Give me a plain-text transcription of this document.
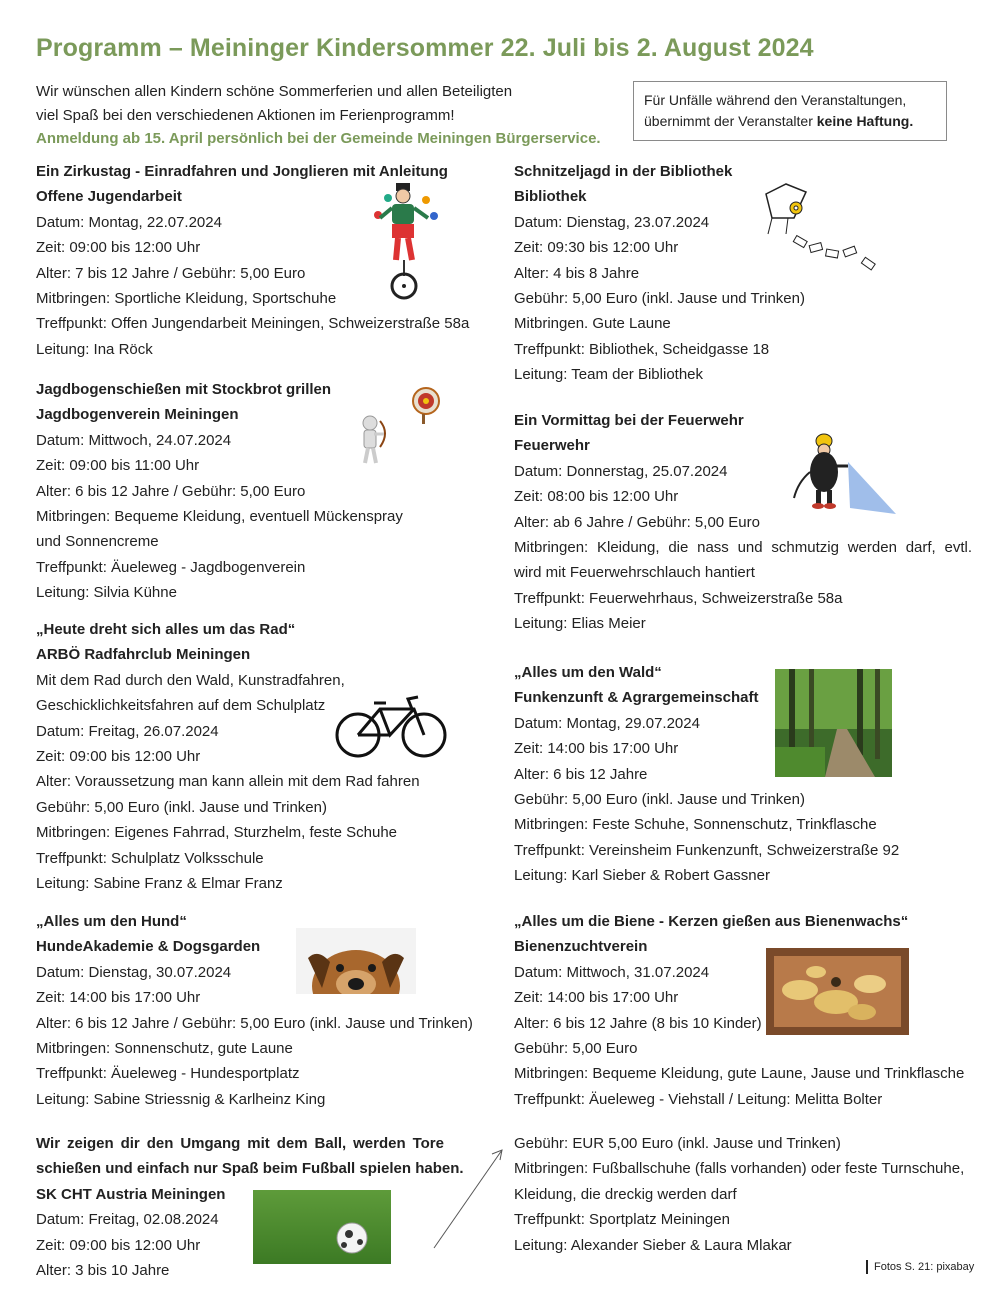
Programm – Meininger Kindersommer 22. Juli bis 2. August 2024
Wir wünschen allen Kindern schöne Sommerferien und allen Beteiligten
viel Spaß bei den verschiedenen Aktionen im Ferienprogramm!
Anmeldung ab 15. April persönlich bei der Gemeinde Meiningen Bürgerservice.
Für Unfälle während den Veranstaltungen,
übernimmt der Veranstalter keine Haftung.
Ein Zirkustag - Einradfahren und Jonglieren mit Anleitung
Offene Jugendarbeit
Datum: Montag, 22.07.2024
Zeit: 09:00 bis 12:00 Uhr
Alter: 7 bis 12 Jahre / Gebühr: 5,00 Euro
Mitbringen: Sportliche Kleidung, Sportschuhe
Treffpunkt: Offen Jungendarbeit Meiningen, Schweizerstraße 58a
Leitung: Ina Röck
Jagdbogenschießen mit Stockbrot grillen
Jagdbogenverein Meiningen
Datum: Mittwoch, 24.07.2024
Zeit: 09:00 bis 11:00 Uhr
Alter: 6 bis 12 Jahre / Gebühr: 5,00 Euro
Mitbringen: Bequeme Kleidung, eventuell Mückenspray
und Sonnencreme
Treffpunkt: Äueleweg - Jagdbogenverein
Leitung: Silvia Kühne
„Heute dreht sich alles um das Rad“
ARBÖ Radfahrclub Meiningen
Mit dem Rad durch den Wald, Kunstradfahren,
Geschicklichkeitsfahren auf dem Schulplatz
Datum: Freitag, 26.07.2024
Zeit: 09:00 bis 12:00 Uhr
Alter: Voraussetzung man kann allein mit dem Rad fahren
Gebühr: 5,00 Euro (inkl. Jause und Trinken)
Mitbringen: Eigenes Fahrrad, Sturzhelm, feste Schuhe
Treffpunkt: Schulplatz Volksschule
Leitung: Sabine Franz & Elmar Franz
„Alles um den Hund“
HundeAkademie & Dogsgarden
Datum: Dienstag, 30.07.2024
Zeit: 14:00 bis 17:00 Uhr
Alter: 6 bis 12 Jahre / Gebühr: 5,00 Euro (inkl. Jause und Trinken)
Mitbringen: Sonnenschutz, gute Laune
Treffpunkt: Äueleweg - Hundesportplatz
Leitung: Sabine Striessnig & Karlheinz King
Wir zeigen dir den Umgang mit dem Ball, werden Tore
schießen und einfach nur Spaß beim Fußball spielen haben.
SK CHT Austria Meiningen
Datum: Freitag, 02.08.2024
Zeit: 09:00 bis 12:00 Uhr
Alter: 3 bis 10 Jahre
Schnitzeljagd in der Bibliothek
Bibliothek
Datum: Dienstag, 23.07.2024
Zeit: 09:30 bis 12:00 Uhr
Alter: 4 bis 8 Jahre
Gebühr: 5,00 Euro (inkl. Jause und Trinken)
Mitbringen. Gute Laune
Treffpunkt: Bibliothek, Scheidgasse 18
Leitung: Team der Bibliothek
Ein Vormittag bei der Feuerwehr
Feuerwehr
Datum: Donnerstag, 25.07.2024
Zeit: 08:00 bis 12:00 Uhr
Alter: ab 6 Jahre / Gebühr: 5,00 Euro
Mitbringen: Kleidung, die nass und schmutzig werden darf, evtl.
wird mit Feuerwehrschlauch hantiert
Treffpunkt: Feuerwehrhaus, Schweizerstraße 58a
Leitung: Elias Meier
„Alles um den Wald“
Funkenzunft & Agrargemeinschaft
Datum: Montag, 29.07.2024
Zeit: 14:00 bis 17:00 Uhr
Alter: 6 bis 12 Jahre
Gebühr: 5,00 Euro (inkl. Jause und Trinken)
Mitbringen: Feste Schuhe, Sonnenschutz, Trinkflasche
Treffpunkt: Vereinsheim Funkenzunft, Schweizerstraße 92
Leitung: Karl Sieber & Robert Gassner
„Alles um die Biene - Kerzen gießen aus Bienenwachs“
Bienenzuchtverein
Datum: Mittwoch, 31.07.2024
Zeit: 14:00 bis 17:00 Uhr
Alter: 6 bis 12 Jahre (8 bis 10 Kinder)
Gebühr: 5,00 Euro
Mitbringen: Bequeme Kleidung, gute Laune, Jause und Trinkflasche
Treffpunkt: Äueleweg - Viehstall / Leitung: Melitta Bolter
Gebühr: EUR 5,00 Euro (inkl. Jause und Trinken)
Mitbringen: Fußballschuhe (falls vorhanden) oder feste Turnschuhe,
Kleidung, die dreckig werden darf
Treffpunkt: Sportplatz Meiningen
Leitung: Alexander Sieber & Laura Mlakar
Fotos S. 21: pixabay
